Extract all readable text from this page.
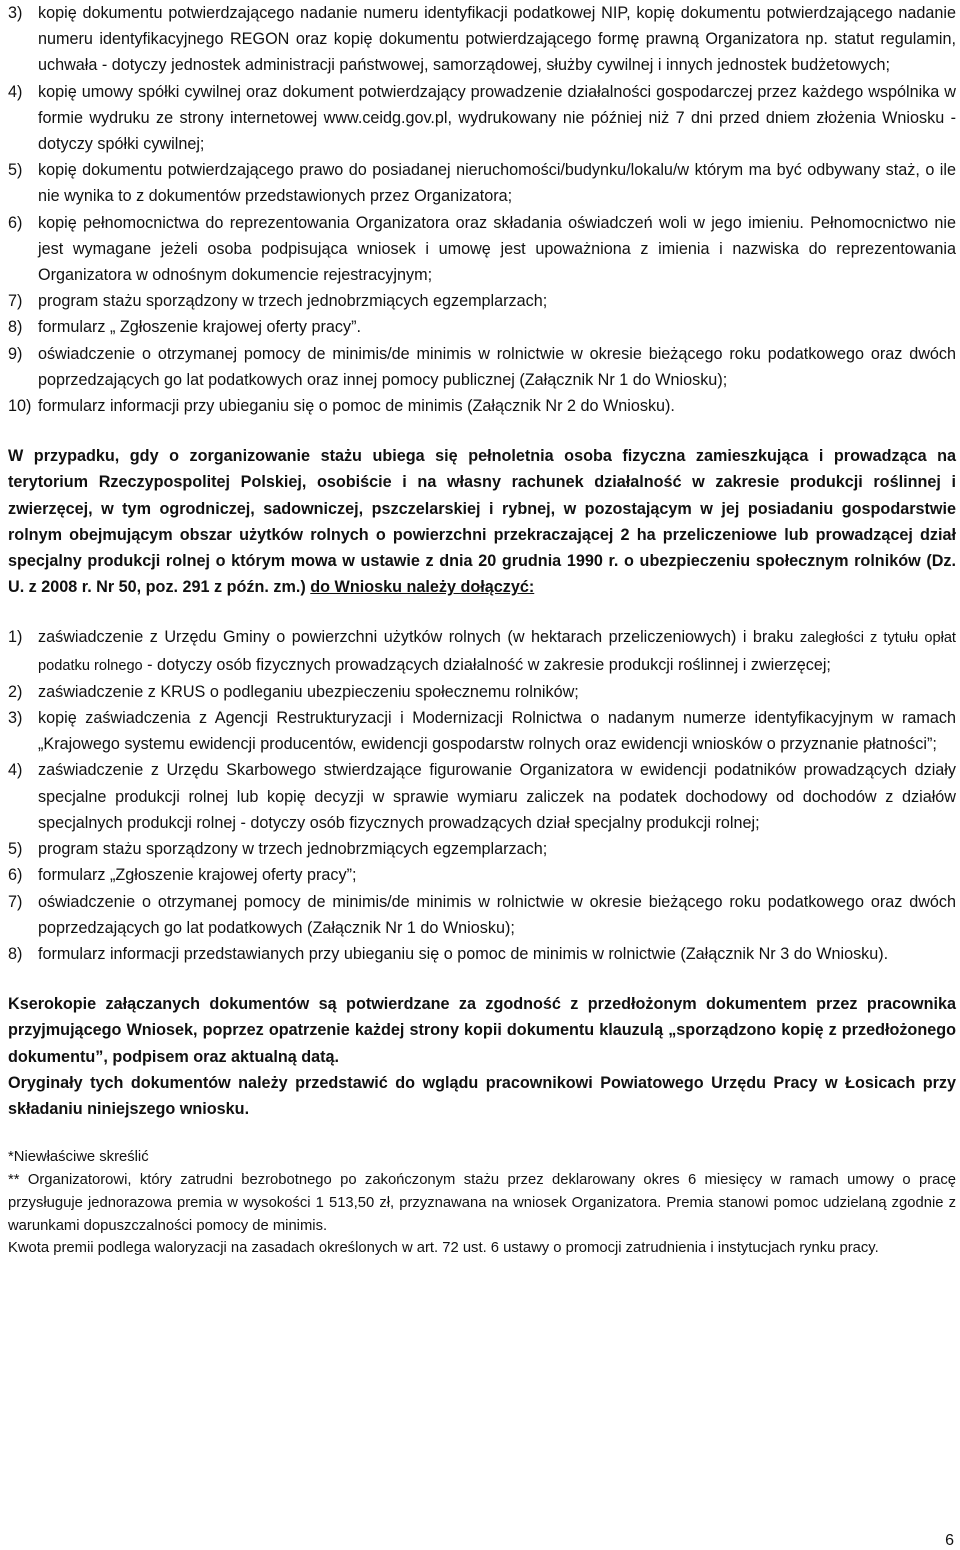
3) kopię dokumentu potwierdzającego nadanie numeru identyfikacji podatkowej NIP, kopię dokumentu potwierdzającego nadanie numeru identyfikacyjnego REGON oraz kopię dokumentu potwierdzającego formę prawną Organizatora np. statut regulamin, uchwała - dotyczy jednostek administracji państwowej, samorządowej, służby cywilnej i innych jednostek budżetowych;
4) kopię umowy spółki cywilnej oraz dokument potwierdzający prowadzenie działalności gospodarczej przez każdego wspólnika w formie wydruku ze strony internetowej www.ceidg.gov.pl, wydrukowany nie później niż 7 dni przed dniem złożenia Wniosku - dotyczy spółki cywilnej;
5) kopię dokumentu potwierdzającego prawo do posiadanej nieruchomości/budynku/lokalu/w którym ma być odbywany staż, o ile nie wynika to z dokumentów przedstawionych przez Organizatora;
6) kopię pełnomocnictwa do reprezentowania Organizatora oraz składania oświadczeń woli w jego imieniu. Pełnomocnictwo nie jest wymagane jeżeli osoba podpisująca wniosek i umowę jest upoważniona z imienia i nazwiska do reprezentowania Organizatora w odnośnym dokumencie rejestracyjnym;
7) program stażu sporządzony w trzech jednobrzmiących egzemplarzach;
8) formularz „ Zgłoszenie krajowej oferty pracy”.
9) oświadczenie o otrzymanej pomocy de minimis/de minimis w rolnictwie w okresie bieżącego roku podatkowego oraz dwóch poprzedzających go lat podatkowych oraz innej pomocy publicznej (Załącznik Nr 1 do Wniosku);
10) formularz informacji przy ubieganiu się o pomoc de minimis (Załącznik Nr 2 do Wniosku).

W przypadku, gdy o zorganizowanie stażu ubiega się pełnoletnia osoba fizyczna zamieszkująca i prowadząca na terytorium Rzeczypospolitej Polskiej, osobiście i na własny rachunek działalność w zakresie produkcji roślinnej i zwierzęcej, w tym ogrodniczej, sadowniczej, pszczelarskiej i rybnej, w pozostającym w jej posiadaniu gospodarstwie rolnym obejmującym obszar użytków rolnych o powierzchni przekraczającej 2 ha przeliczeniowe lub prowadzącej dział specjalny produkcji rolnej o którym mowa w ustawie z dnia 20 grudnia 1990 r. o ubezpieczeniu społecznym rolników (Dz. U. z 2008 r. Nr 50, poz. 291 z późn. zm.) do Wniosku należy dołączyć:

1) zaświadczenie z Urzędu Gminy o powierzchni użytków rolnych (w hektarach przeliczeniowych) i braku zaległości z tytułu opłat podatku rolnego - dotyczy osób fizycznych prowadzących działalność w zakresie produkcji roślinnej i zwierzęcej;
2) zaświadczenie z KRUS o podleganiu ubezpieczeniu społecznemu rolników;
3) kopię zaświadczenia z Agencji Restrukturyzacji i Modernizacji Rolnictwa o nadanym numerze identyfikacyjnym w ramach „Krajowego systemu ewidencji producentów, ewidencji gospodarstw rolnych oraz ewidencji wniosków o przyznanie płatności”;
4) zaświadczenie z Urzędu Skarbowego stwierdzające figurowanie Organizatora w ewidencji podatników prowadzących działy specjalne produkcji rolnej lub kopię decyzji w sprawie wymiaru zaliczek na podatek dochodowy od dochodów z działów specjalnych produkcji rolnej - dotyczy osób fizycznych prowadzących dział specjalny produkcji rolnej;
5) program stażu sporządzony w trzech jednobrzmiących egzemplarzach;
6) formularz „Zgłoszenie krajowej oferty pracy”;
7) oświadczenie o otrzymanej pomocy de minimis/de minimis w rolnictwie w okresie bieżącego roku podatkowego oraz dwóch poprzedzających go lat podatkowych (Załącznik Nr 1 do Wniosku);
8) formularz informacji przedstawianych przy ubieganiu się o pomoc de minimis w rolnictwie (Załącznik Nr 3 do Wniosku).

Kserokopie załączanych dokumentów są potwierdzane za zgodność z przedłożonym dokumentem przez pracownika przyjmującego Wniosek, poprzez opatrzenie każdej strony kopii dokumentu klauzulą „sporządzono kopię z przedłożonego dokumentu”, podpisem oraz aktualną datą.

Oryginały tych dokumentów należy przedstawić do wglądu pracownikowi Powiatowego Urzędu Pracy w Łosicach przy składaniu niniejszego wniosku.

*Niewłaściwe skreślić

** Organizatorowi, który zatrudni bezrobotnego po zakończonym stażu przez deklarowany okres 6 miesięcy w ramach umowy o pracę przysługuje jednorazowa premia w wysokości 1 513,50 zł, przyznawana na wniosek Organizatora. Premia stanowi pomoc udzielaną zgodnie z warunkami dopuszczalności pomocy de minimis.

Kwota premii podlega waloryzacji na zasadach określonych w art. 72 ust. 6 ustawy o promocji zatrudnienia i instytucjach rynku pracy.

6
